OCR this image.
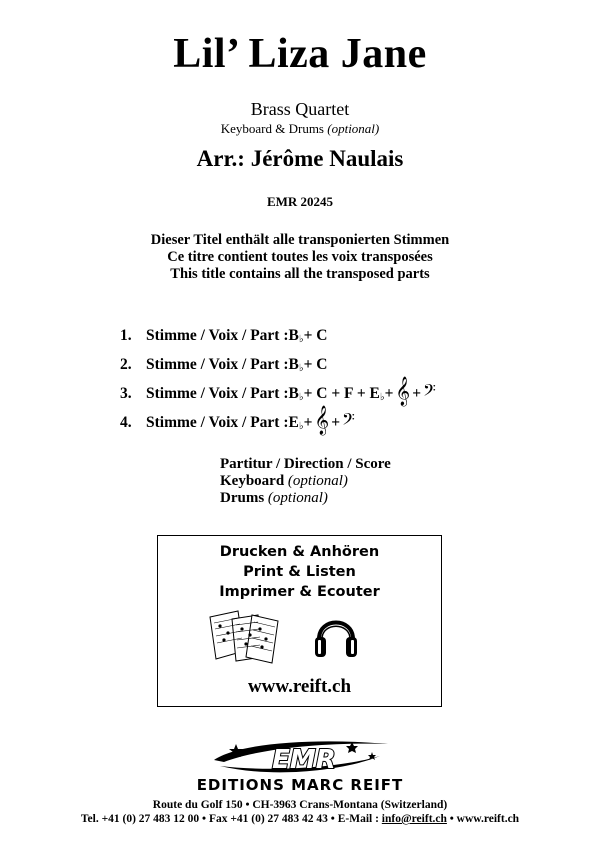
Lil’ Liza Jane
Brass Quartet
Keyboard & Drums (optional)
Arr.: Jérôme Naulais
EMR 20245
Dieser Titel enthält alle transponierten Stimmen
Ce titre contient toutes les voix transposées
This title contains all the transposed parts
1. Stimme / Voix / Part : $B_♭ + C$
2. Stimme / Voix / Part : $B_♭ + C$
3. Stimme / Voix / Part : $B_♭ + C + F + E_♭$ + 𝄞 + 𝄢
4. Stimme / Voix / Part : $E_♭$ + 𝄞 + 𝄢
Partitur / Direction / Score
Keyboard (optional)
Drums (optional)
Drucken & Anhören
Print & Listen
Imprimer & Ecouter
www.reift.ch
EMR
EDITIONS MARC REIFT
Route du Golf 150 • CH-3963 Crans-Montana (Switzerland)
Tel. +41 (0) 27 483 12 00 • Fax +41 (0) 27 483 42 43 • E-Mail : info@reift.ch • www.reift.ch
